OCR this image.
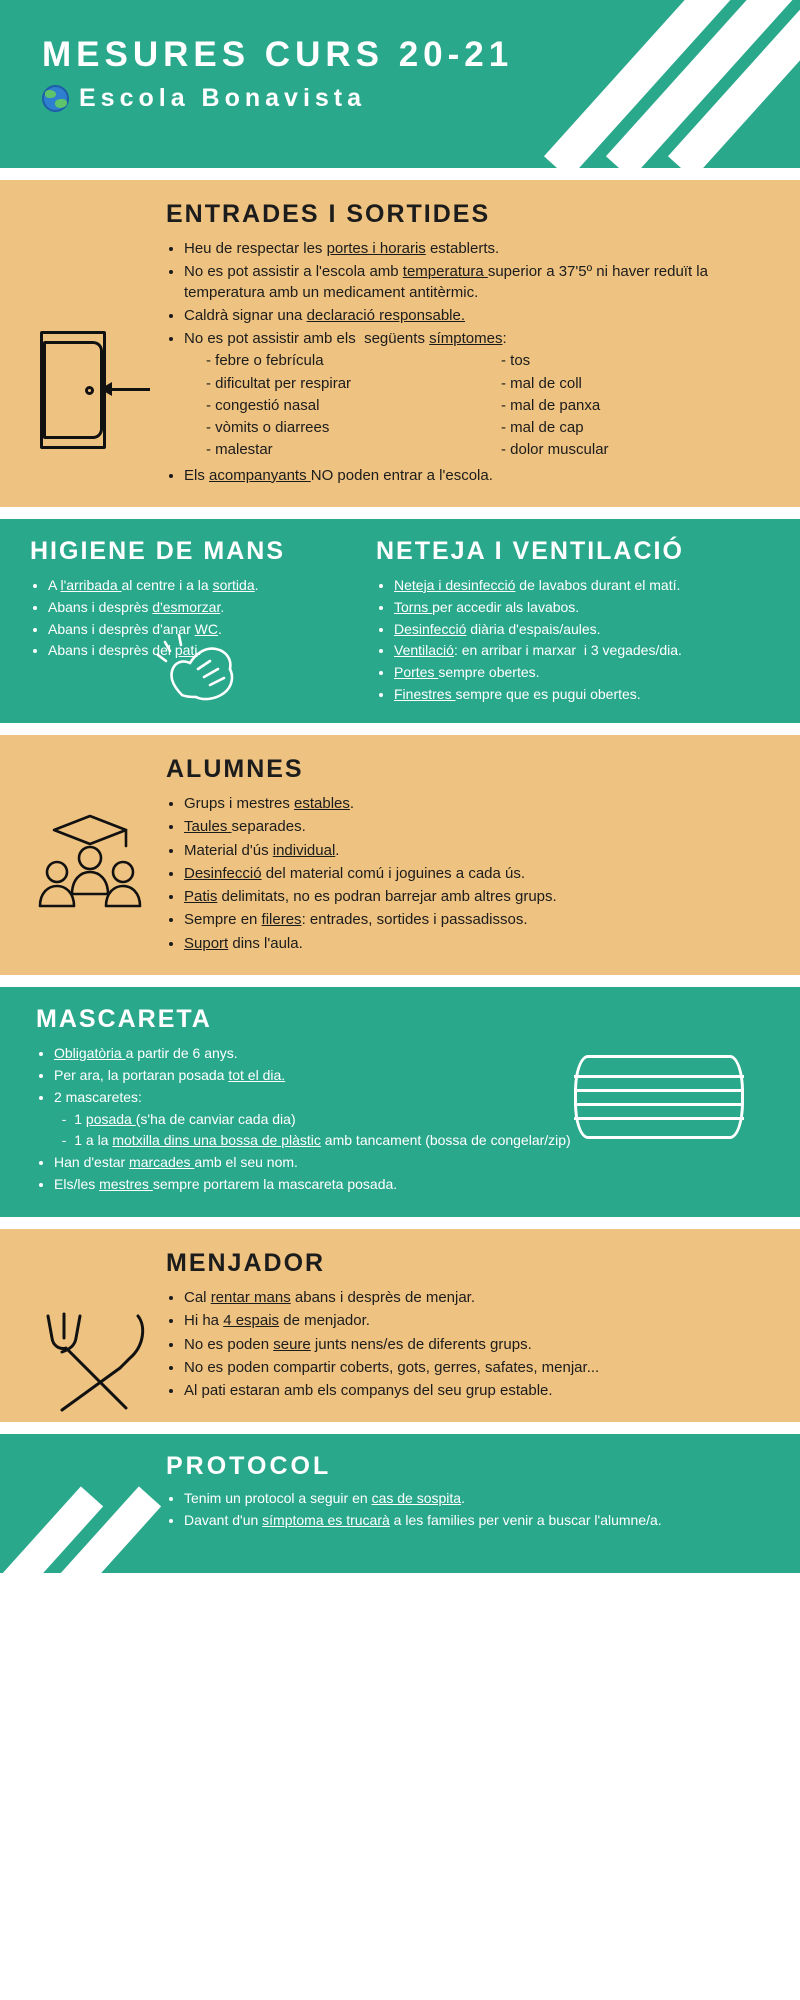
MESURES CURS 20-21
Escola Bonavista
ENTRADES I SORTIDES
Heu de respectar les portes i horaris establerts.
No es pot assistir a l'escola amb temperatura superior a 37'5º ni haver reduït la temperatura amb un medicament antitèrmic.
Caldrà signar una declaració responsable.
No es pot assistir amb els  següents símptomes:
- febre o febrícula
- dificultat per respirar
- congestió nasal
- vòmits o diarrees
- malestar
- tos
- mal de coll
- mal de panxa
- mal de cap
- dolor muscular
Els acompanyants NO poden entrar a l'escola.
HIGIENE DE MANS
A l'arribada al centre i a la sortida.
Abans i desprès d'esmorzar.
Abans i desprès d'anar WC.
Abans i desprès del pati.
NETEJA I VENTILACIÓ
Neteja i desinfecció de lavabos durant el matí.
Torns per accedir als lavabos.
Desinfecció diària d'espais/aules.
Ventilació: en arribar i marxar  i 3 vegades/dia.
Portes sempre obertes.
Finestres sempre que es pugui obertes.
ALUMNES
Grups i mestres estables.
Taules separades.
Material d'ús individual.
Desinfecció del material comú i joguines a cada ús.
Patis delimitats, no es podran barrejar amb altres grups.
Sempre en fileres: entrades, sortides i passadissos.
Suport dins l'aula.
MASCARETA
Obligatòria a partir de 6 anys.
Per ara, la portaran posada tot el dia.
2 mascaretes:
-  1 posada (s'ha de canviar cada dia)
-  1 a la motxilla dins una bossa de plàstic amb tancament (bossa de congelar/zip)
Han d'estar marcades amb el seu nom.
Els/les mestres sempre portarem la mascareta posada.
MENJADOR
Cal rentar mans abans i desprès de menjar.
Hi ha 4 espais de menjador.
No es poden seure junts nens/es de diferents grups.
No es poden compartir coberts, gots, gerres, safates, menjar...
Al pati estaran amb els companys del seu grup estable.
PROTOCOL
Tenim un protocol a seguir en cas de sospita.
Davant d'un símptoma es trucarà a les families per venir a buscar l'alumne/a.
